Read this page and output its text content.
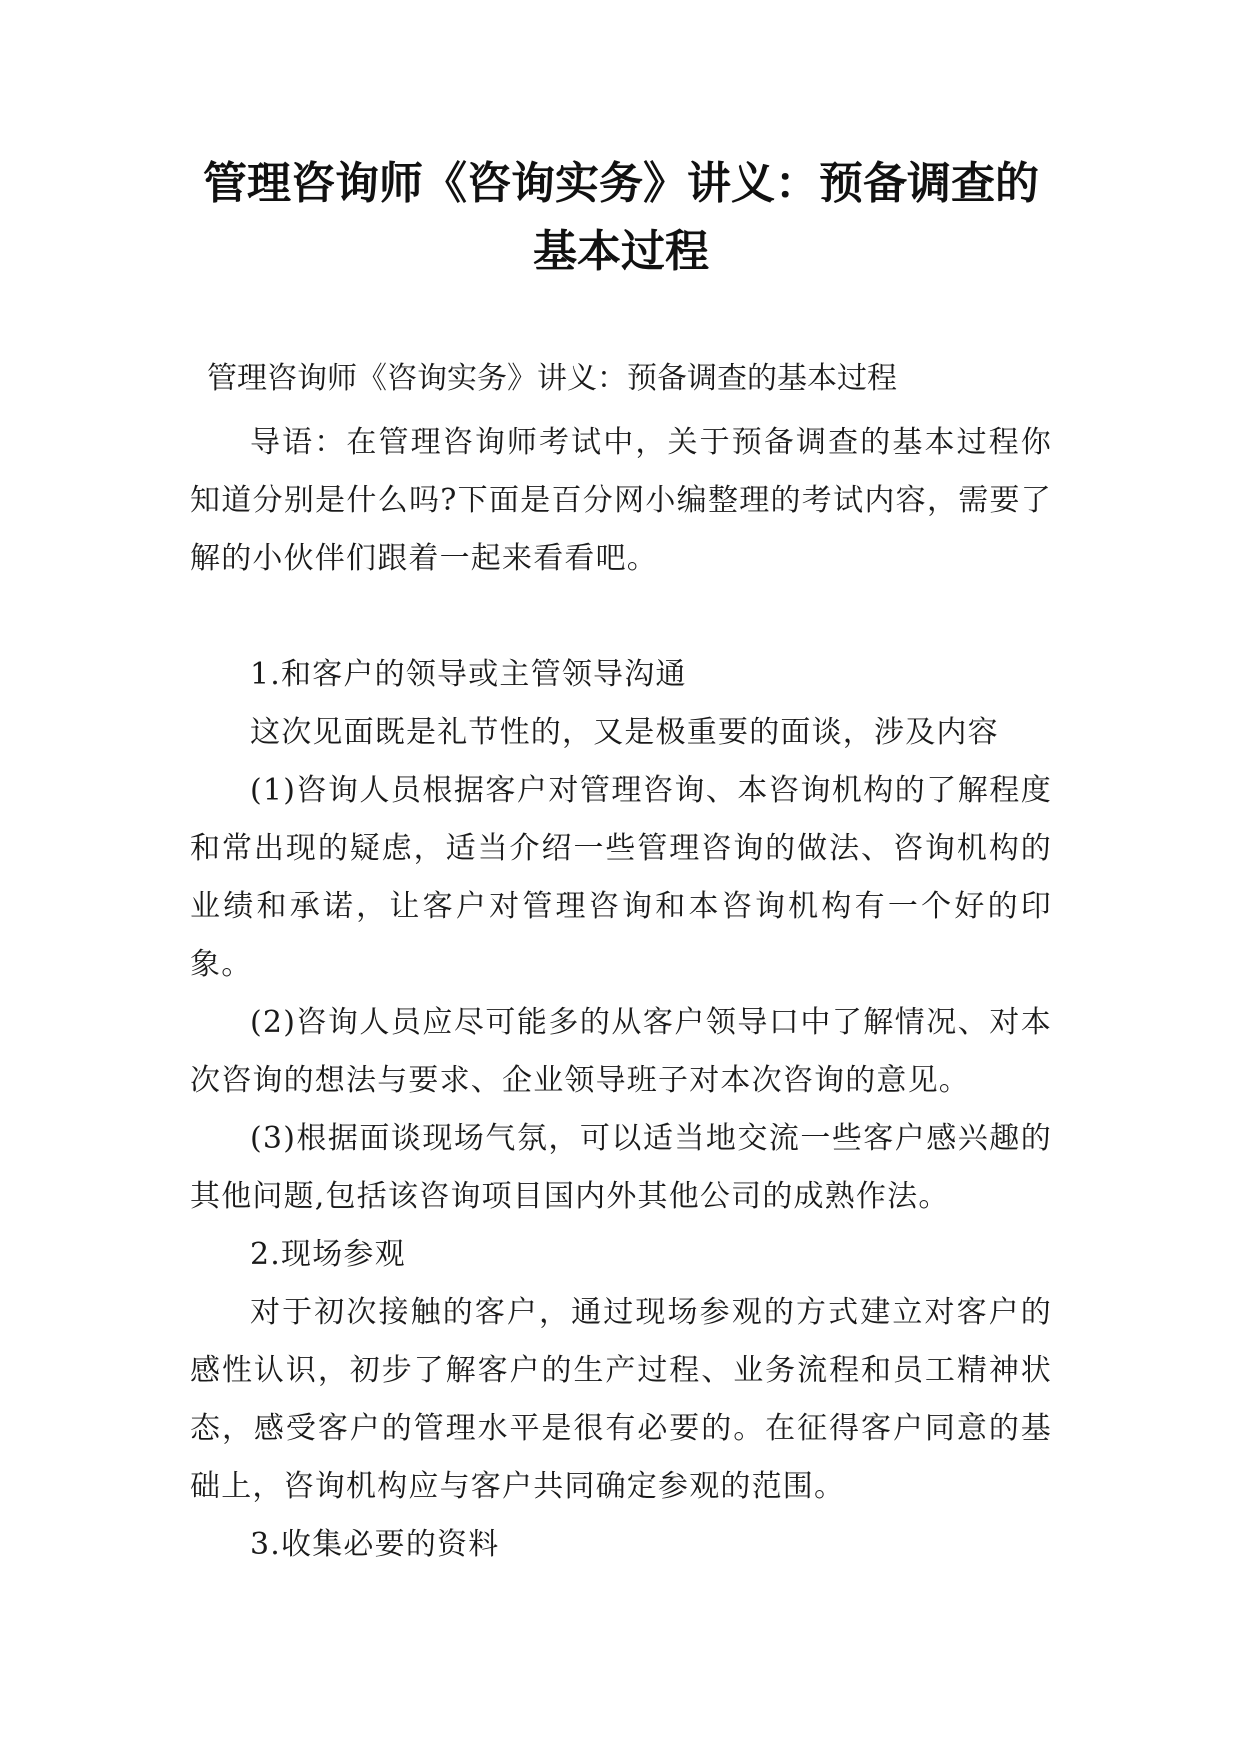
管理咨询师《咨询实务》讲义：预备调查的基本过程

管理咨询师《咨询实务》讲义：预备调查的基本过程

导语：在管理咨询师考试中，关于预备调查的基本过程你知道分别是什么吗?下面是百分网小编整理的考试内容，需要了解的小伙伴们跟着一起来看看吧。

1.和客户的领导或主管领导沟通

这次见面既是礼节性的，又是极重要的面谈，涉及内容

(1)咨询人员根据客户对管理咨询、本咨询机构的了解程度和常出现的疑虑，适当介绍一些管理咨询的做法、咨询机构的业绩和承诺，让客户对管理咨询和本咨询机构有一个好的印象。

(2)咨询人员应尽可能多的从客户领导口中了解情况、对本次咨询的想法与要求、企业领导班子对本次咨询的意见。

(3)根据面谈现场气氛，可以适当地交流一些客户感兴趣的其他问题,包括该咨询项目国内外其他公司的成熟作法。

2.现场参观

对于初次接触的客户，通过现场参观的方式建立对客户的感性认识，初步了解客户的生产过程、业务流程和员工精神状态，感受客户的管理水平是很有必要的。在征得客户同意的基础上，咨询机构应与客户共同确定参观的范围。

3.收集必要的资料
